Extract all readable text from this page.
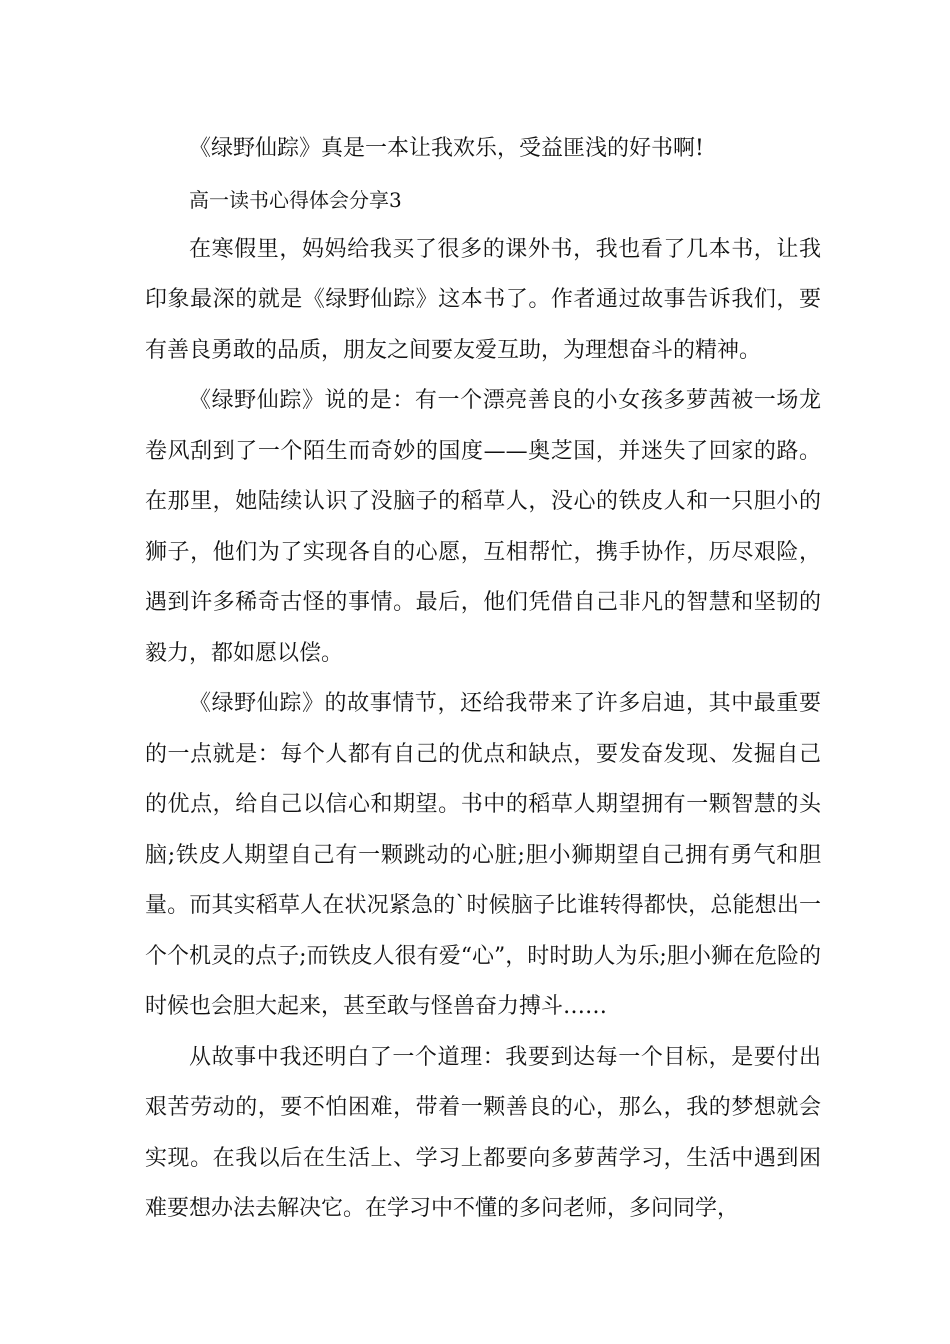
《绿野仙踪》真是一本让我欢乐，受益匪浅的好书啊!

高一读书心得体会分享3

在寒假里，妈妈给我买了很多的课外书，我也看了几本书，让我印象最深的就是《绿野仙踪》这本书了。作者通过故事告诉我们，要有善良勇敢的品质，朋友之间要友爱互助，为理想奋斗的精神。

《绿野仙踪》说的是：有一个漂亮善良的小女孩多萝茜被一场龙卷风刮到了一个陌生而奇妙的国度——奥芝国，并迷失了回家的路。在那里，她陆续认识了没脑子的稻草人，没心的铁皮人和一只胆小的狮子，他们为了实现各自的心愿，互相帮忙，携手协作，历尽艰险，遇到许多稀奇古怪的事情。最后，他们凭借自己非凡的智慧和坚韧的毅力，都如愿以偿。

《绿野仙踪》的故事情节，还给我带来了许多启迪，其中最重要的一点就是：每个人都有自己的优点和缺点，要发奋发现、发掘自己的优点，给自己以信心和期望。书中的稻草人期望拥有一颗智慧的头脑;铁皮人期望自己有一颗跳动的心脏;胆小狮期望自己拥有勇气和胆量。而其实稻草人在状况紧急的`时候脑子比谁转得都快，总能想出一个个机灵的点子;而铁皮人很有爱“心”，时时助人为乐;胆小狮在危险的时候也会胆大起来，甚至敢与怪兽奋力搏斗……

从故事中我还明白了一个道理：我要到达每一个目标，是要付出艰苦劳动的，要不怕困难，带着一颗善良的心，那么，我的梦想就会实现。在我以后在生活上、学习上都要向多萝茜学习，生活中遇到困难要想办法去解决它。在学习中不懂的多问老师，多问同学，
